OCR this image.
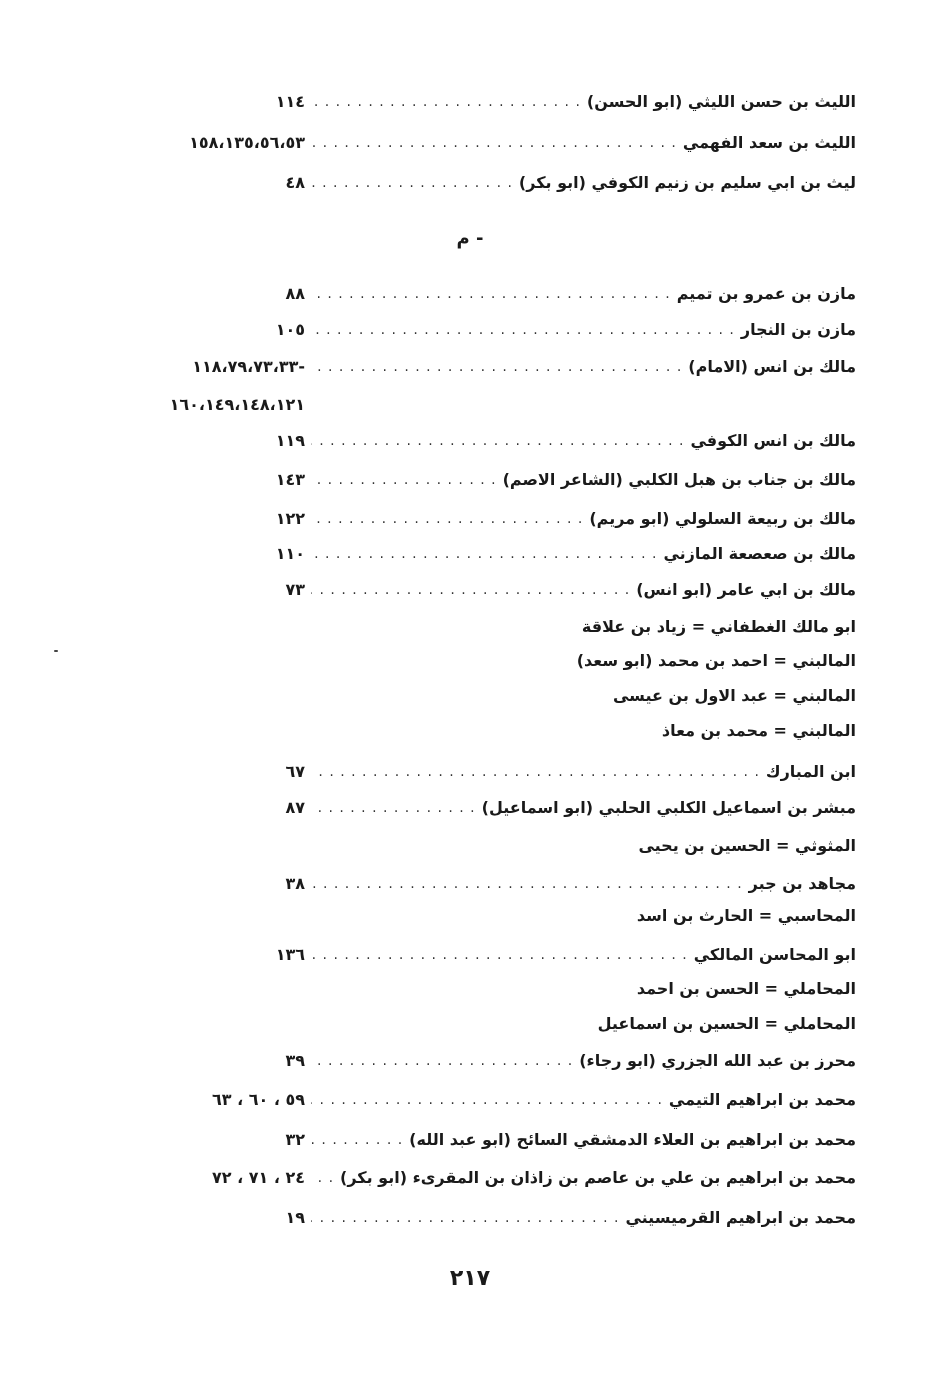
الليث بن حسن الليثي (ابو الحسن)
. . .
١١٤
الليث بن سعد الفهمي
. . .
١٥٨،١٣٥،٥٦،٥٣
ليث بن ابي سليم بن زنيم الكوفي (ابو بكر)
. . .
٤٨
- م
مازن بن عمرو بن تميم
. . .
٨٨
مازن بن النجار
. . .
١٠٥
مالك بن انس (الامام)
. . .
-١١٨،٧٩،٧٣،٣٣
١٦٠،١٤٩،١٤٨،١٢١
مالك بن انس الكوفي
. . .
١١٩
مالك بن جناب بن هبل الكلبي (الشاعر الاصم)
. . .
١٤٣
مالك بن ربيعة السلولي (ابو مريم)
. . .
١٢٢
مالك بن صعصعة المازني
. . .
١١٠
مالك بن ابي عامر (ابو انس)
. . .
٧٣
ابو مالك الغطفاني = زياد بن علاقة
المالبني = احمد بن محمد (ابو سعد)
المالبني = عبد الاول بن عيسى
المالبني = محمد بن معاذ
ابن المبارك
. . .
٦٧
مبشر بن اسماعيل الكلبي الحلبي (ابو اسماعيل)
. . .
٨٧
المثوثي = الحسين بن يحيى
مجاهد بن جبر
. . .
٣٨
المحاسبي = الحارث بن اسد
ابو المحاسن المالكي
. . .
١٣٦
المحاملي = الحسن بن احمد
المحاملي = الحسين بن اسماعيل
محرز بن عبد الله الجزري (ابو رجاء)
. . .
٣٩
محمد بن ابراهيم التيمي
. . .
٥٩ ، ٦٠ ، ٦٣
محمد بن ابراهيم بن العلاء الدمشقي السائح (ابو عبد الله)
. . .
٣٢
محمد بن ابراهيم بن علي بن عاصم بن زاذان بن المقرىء (ابو بكر)
. . .
٢٤ ، ٧١ ، ٧٢
محمد بن ابراهيم القرميسيني
. . .
١٩
٢١٧
